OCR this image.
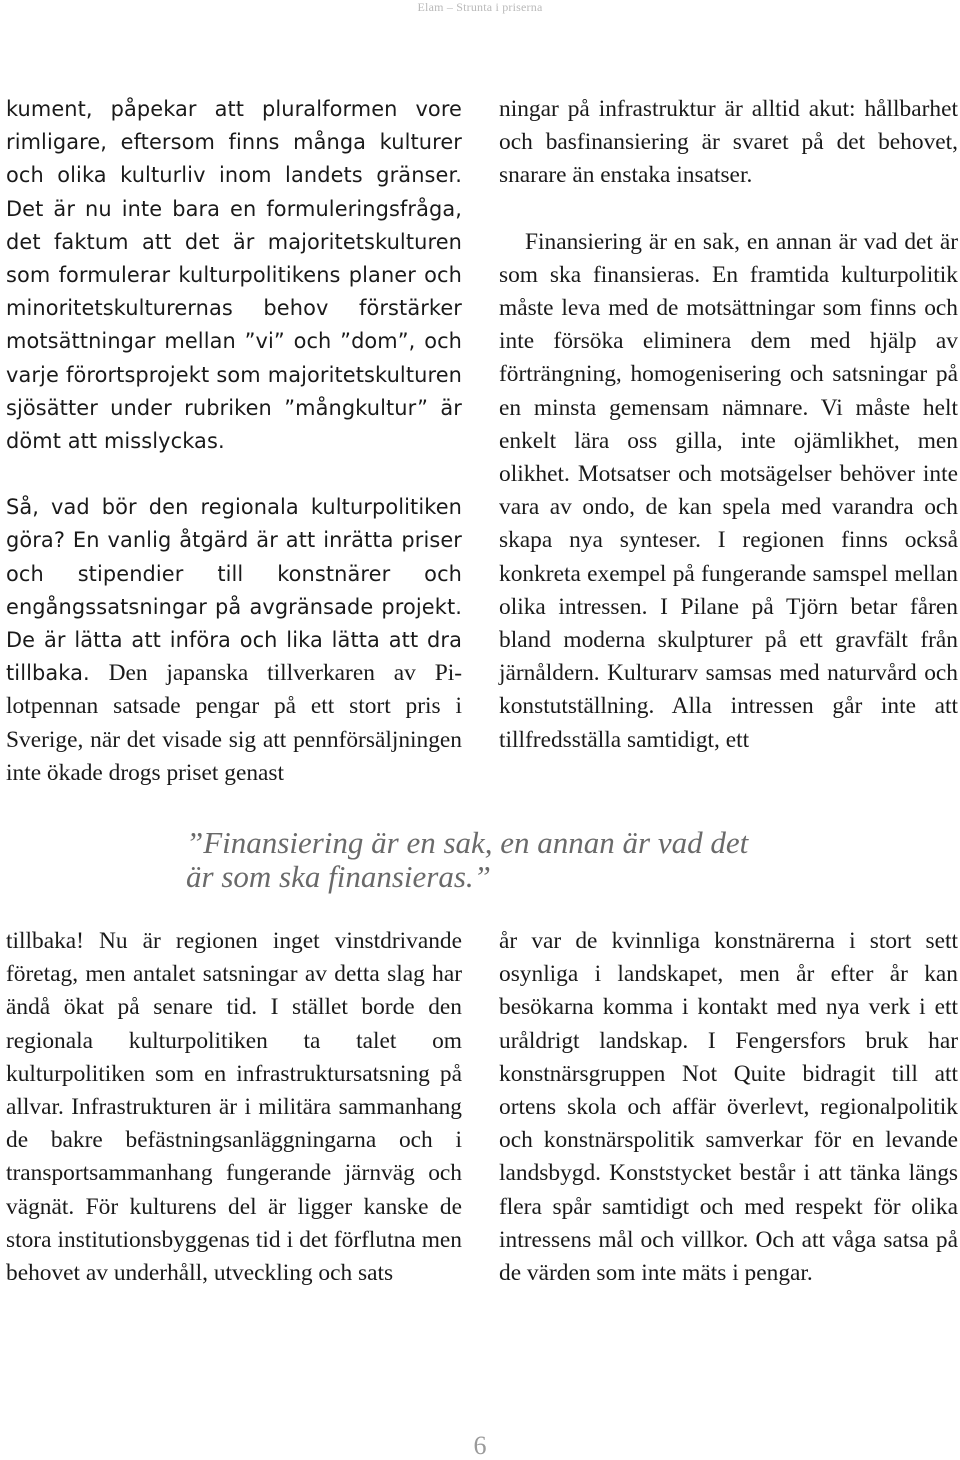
Elam – Strunta i priserna

kument, påpekar att pluralformen vore rimligare, eftersom finns många kulturer och olika kulturliv inom landets gränser. Det är nu inte bara en formuleringsfråga, det faktum att det är majoritetskulturen som formulerar kulturpolitikens planer och minoritetskulturernas behov förstärker motsättningar mellan ”vi” och ”dom”, och varje förortsprojekt som majoritetskulturen sjösätter under rubriken ”mångkultur” är dömt att misslyckas.

Så, vad bör den regionala kulturpolitiken göra? En vanlig åtgärd är att inrätta priser och stipendier till konstnärer och engångssatsningar på avgränsade projekt. De är lätta att införa och lika lätta att dra tillbaka. Den japanska tillverkaren av Pilotpennan satsade pengar på ett stort pris i Sverige, när det visade sig att pennförsäljningen inte ökade drogs priset genast

ningar på infrastruktur är alltid akut: hållbarhet och basfinansiering är svaret på det behovet, snarare än enstaka insatser.

Finansiering är en sak, en annan är vad det är som ska finansieras. En framtida kulturpolitik måste leva med de motsättningar som finns och inte försöka eliminera dem med hjälp av förträngning, homogenisering och satsningar på en minsta gemensam nämnare. Vi måste helt enkelt lära oss gilla, inte ojämlikhet, men olikhet. Motsatser och motsägelser behöver inte vara av ondo, de kan spela med varandra och skapa nya synteser. I regionen finns också konkreta exempel på fungerande samspel mellan olika intressen. I Pilane på Tjörn betar fåren bland moderna skulpturer på ett gravfält från järnåldern. Kulturarv samsas med naturvård och konstutställning. Alla intressen går inte att tillfredsställa samtidigt, ett

”Finansiering är en sak, en annan är vad det

är som ska finansieras.”

tillbaka! Nu är regionen inget vinstdrivande företag, men antalet satsningar av detta slag har ändå ökat på senare tid. I stället borde den regionala kulturpolitiken ta talet om kulturpolitiken som en infrastruktursatsning på allvar. Infrastrukturen är i militära sammanhang de bakre befästningsanläggningarna och i transportsammanhang fungerande järnväg och vägnät. För kulturens del är ligger kanske de stora institutionsbyggenas tid i det förflutna men behovet av underhåll, utveckling och sats

år var de kvinnliga konstnärerna i stort sett osynliga i landskapet, men år efter år kan besökarna komma i kontakt med nya verk i ett uråldrigt landskap. I Fengersfors bruk har konstnärsgruppen Not Quite bidragit till att ortens skola och affär överlevt, regionalpolitik och konstnärspolitik samverkar för en levande landsbygd. Konststycket består i att tänka längs flera spår samtidigt och med respekt för olika intressens mål och villkor. Och att våga satsa på de värden som inte mäts i pengar.

6
